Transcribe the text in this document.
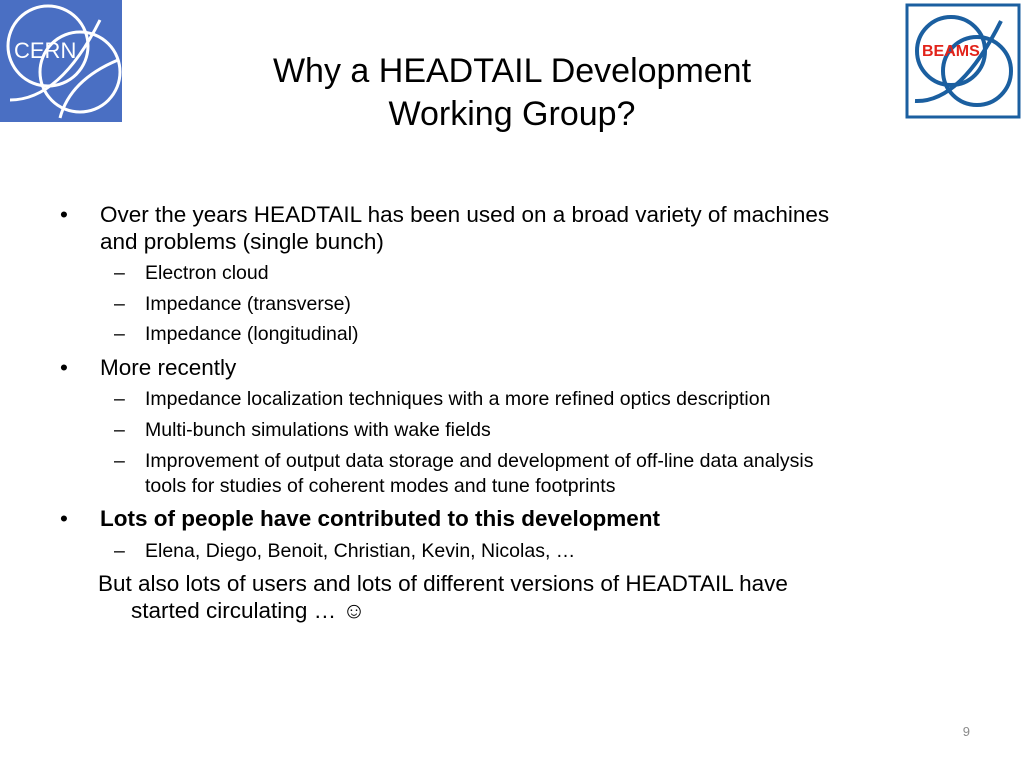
CERN	BEAMS
Why a HEADTAIL Development
Working Group?
• Over the years HEADTAIL has been used on a broad variety of machines
and problems (single bunch)
– Electron cloud
– Impedance (transverse)
– Impedance (longitudinal)
• More recently
– Impedance localization techniques with a more refined optics description
– Multi-bunch simulations with wake fields
– Improvement of output data storage and development of off-line data analysis
tools for studies of coherent modes and tune footprints
• Lots of people have contributed to this development
– Elena, Diego, Benoit, Christian, Kevin, Nicolas, …
But also lots of users and lots of different versions of HEADTAIL have
started circulating … ☺
9
